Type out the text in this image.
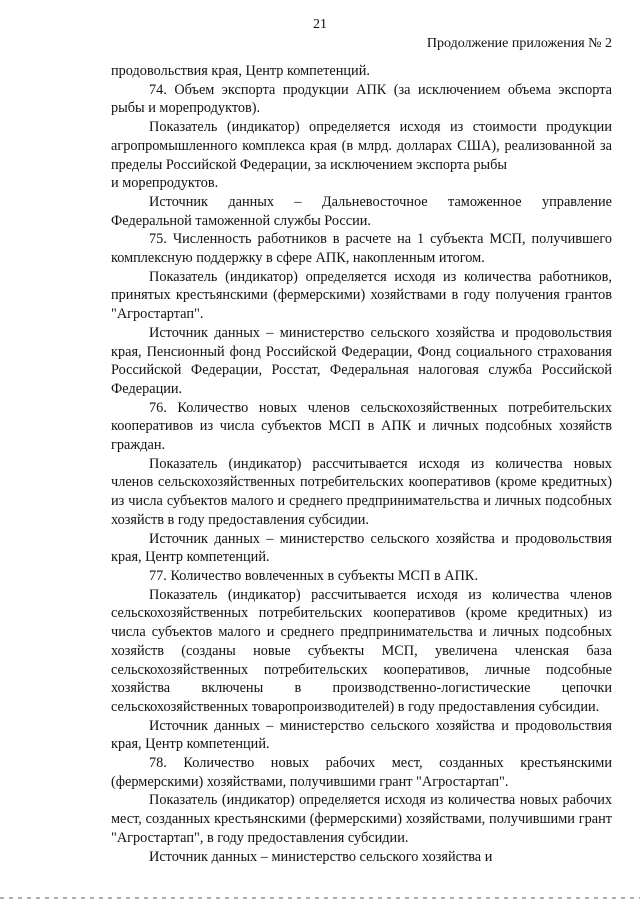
21
Продолжение приложения № 2

продовольствия края, Центр компетенций.

74. Объем экспорта продукции АПК (за исключением объема экспорта рыбы и морепродуктов).

Показатель (индикатор) определяется исходя из стоимости продукции агропромышленного комплекса края (в млрд. долларах США), реализованной за пределы Российской Федерации, за исключением экспорта рыбы

и морепродуктов.

Источник данных – Дальневосточное таможенное управление Федеральной таможенной службы России.

75. Численность работников в расчете на 1 субъекта МСП, получившего комплексную поддержку в сфере АПК, накопленным итогом.

Показатель (индикатор) определяется исходя из количества работников, принятых крестьянскими (фермерскими) хозяйствами в году получения грантов "Агростартап".

Источник данных – министерство сельского хозяйства и продовольствия края, Пенсионный фонд Российской Федерации, Фонд социального страхования Российской Федерации, Росстат, Федеральная налоговая служба Российской Федерации.

76. Количество новых членов сельскохозяйственных потребительских кооперативов из числа субъектов МСП в АПК и личных подсобных хозяйств граждан.

Показатель (индикатор) рассчитывается исходя из количества новых членов сельскохозяйственных потребительских кооперативов (кроме кредитных) из числа субъектов малого и среднего предпринимательства и личных подсобных хозяйств в году предоставления субсидии.

Источник данных – министерство сельского хозяйства и продовольствия края, Центр компетенций.

77. Количество вовлеченных в субъекты МСП в АПК.

Показатель (индикатор) рассчитывается исходя из количества членов сельскохозяйственных потребительских кооперативов (кроме кредитных) из числа субъектов малого и среднего предпринимательства и личных подсобных хозяйств (созданы новые субъекты МСП, увеличена членская база сельскохозяйственных потребительских кооперативов, личные подсобные хозяйства включены в производственно-логистические цепочки сельскохозяйственных товаропроизводителей) в году предоставления субсидии.

Источник данных – министерство сельского хозяйства и продовольствия края, Центр компетенций.

78. Количество новых рабочих мест, созданных крестьянскими (фермерскими) хозяйствами, получившими грант "Агростартап".

Показатель (индикатор) определяется исходя из количества новых рабочих мест, созданных крестьянскими (фермерскими) хозяйствами, получившими грант "Агростартап", в году предоставления субсидии.

Источник данных – министерство сельского хозяйства и
